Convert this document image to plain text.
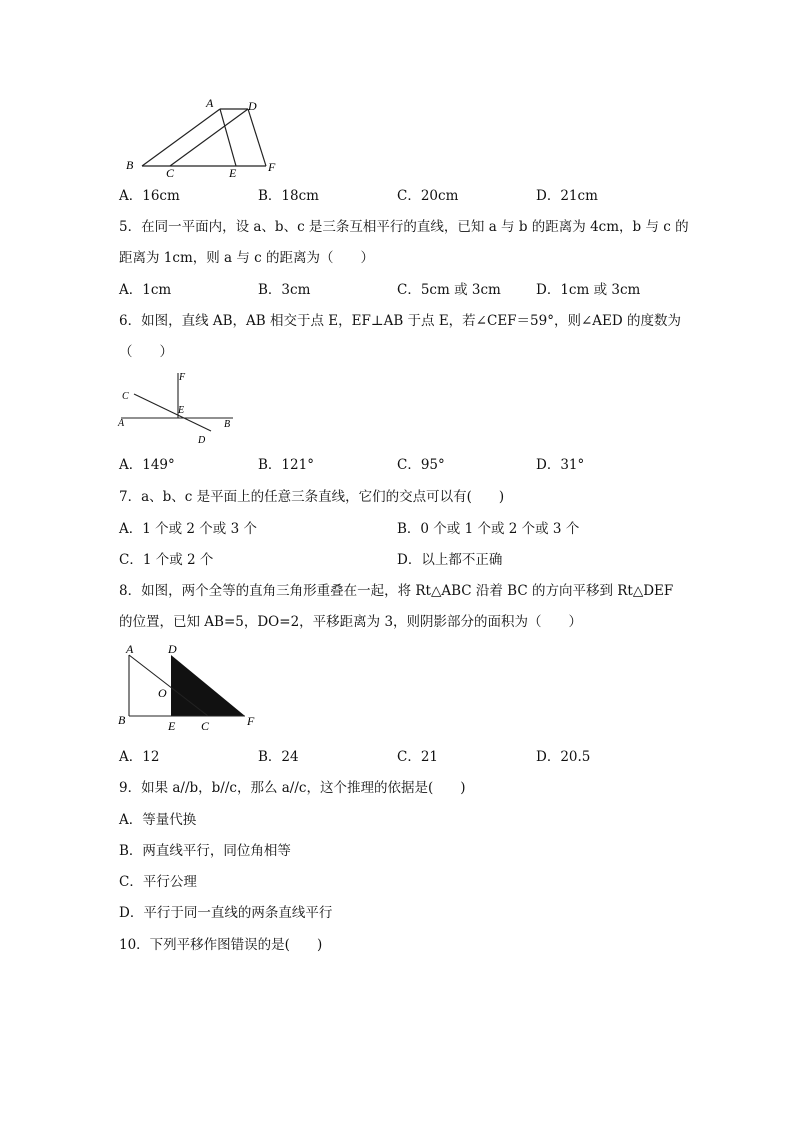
A	D
B
C	E	F
A．16cm	B．18cm	C．20cm	D．21cm
5．在同一平面内，设 a、b、c 是三条互相平行的直线，已知 a 与 b 的距离为 4cm，b 与 c 的
距离为 1cm，则 a 与 c 的距离为（　　）
A．1cm	B．3cm	C．5cm 或 3cm	D．1cm 或 3cm
6．如图，直线 AB，AB 相交于点 E，EF⊥AB 于点 E，若∠CEF＝59°，则∠AED 的度数为
（　　）
F
C
E
A	B
D
A．149°	B．121°	C．95°	D．31°
7．a、b、c 是平面上的任意三条直线，它们的交点可以有(　　)
A．1 个或 2 个或 3 个	B．0 个或 1 个或 2 个或 3 个
C．1 个或 2 个	D．以上都不正确
8．如图，两个全等的直角三角形重叠在一起，将 Rt△ABC 沿着 BC 的方向平移到 Rt△DEF
的位置，已知 AB=5，DO=2，平移距离为 3，则阴影部分的面积为（　　）
A	D
O
B	E C	F
A．12	B．24	C．21	D．20.5
9．如果 a//b，b//c，那么 a//c，这个推理的依据是(　　)
A．等量代换
B．两直线平行，同位角相等
C．平行公理
D．平行于同一直线的两条直线平行
10．下列平移作图错误的是(　　)
